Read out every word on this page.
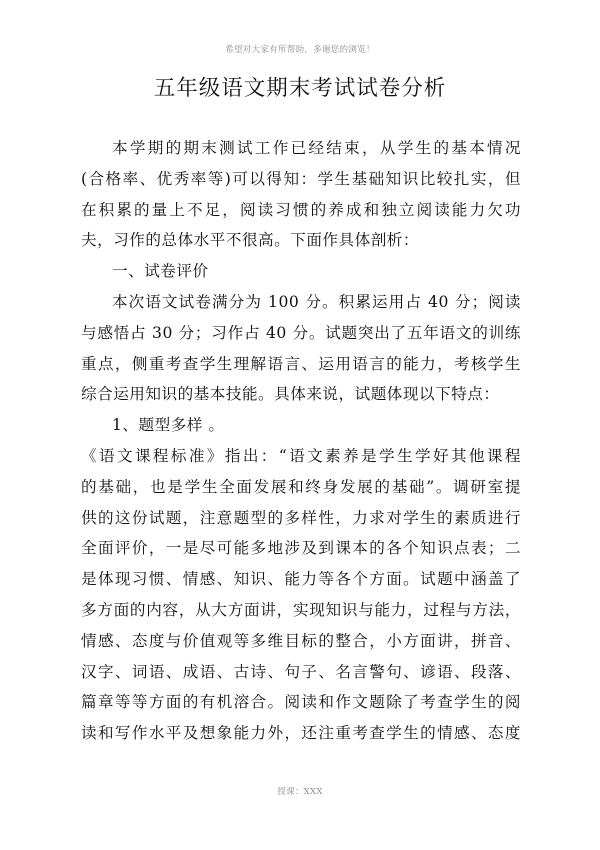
希望对大家有所帮助，多谢您的浏览！
五年级语文期末考试试卷分析
本学期的期末测试工作已经结束，从学生的基本情况
(合格率、优秀率等)可以得知：学生基础知识比较扎实，但
在积累的量上不足，阅读习惯的养成和独立阅读能力欠功
夫，习作的总体水平不很高。下面作具体剖析：
一、试卷评价
本次语文试卷满分为 100 分。积累运用占 40 分；阅读
与感悟占 30 分；习作占 40 分。试题突出了五年语文的训练
重点，侧重考查学生理解语言、运用语言的能力，考核学生
综合运用知识的基本技能。具体来说，试题体现以下特点：
1、题型多样 。
《语文课程标准》指出：“语文素养是学生学好其他课程
的基础，也是学生全面发展和终身发展的基础”。调研室提
供的这份试题，注意题型的多样性，力求对学生的素质进行
全面评价，一是尽可能多地涉及到课本的各个知识点表；二
是体现习惯、情感、知识、能力等各个方面。试题中涵盖了
多方面的内容，从大方面讲，实现知识与能力，过程与方法，
情感、态度与价值观等多维目标的整合，小方面讲，拼音、
汉字、词语、成语、古诗、句子、名言警句、谚语、段落、
篇章等等方面的有机溶合。阅读和作文题除了考查学生的阅
读和写作水平及想象能力外，还注重考查学生的情感、态度
授课：XXX
